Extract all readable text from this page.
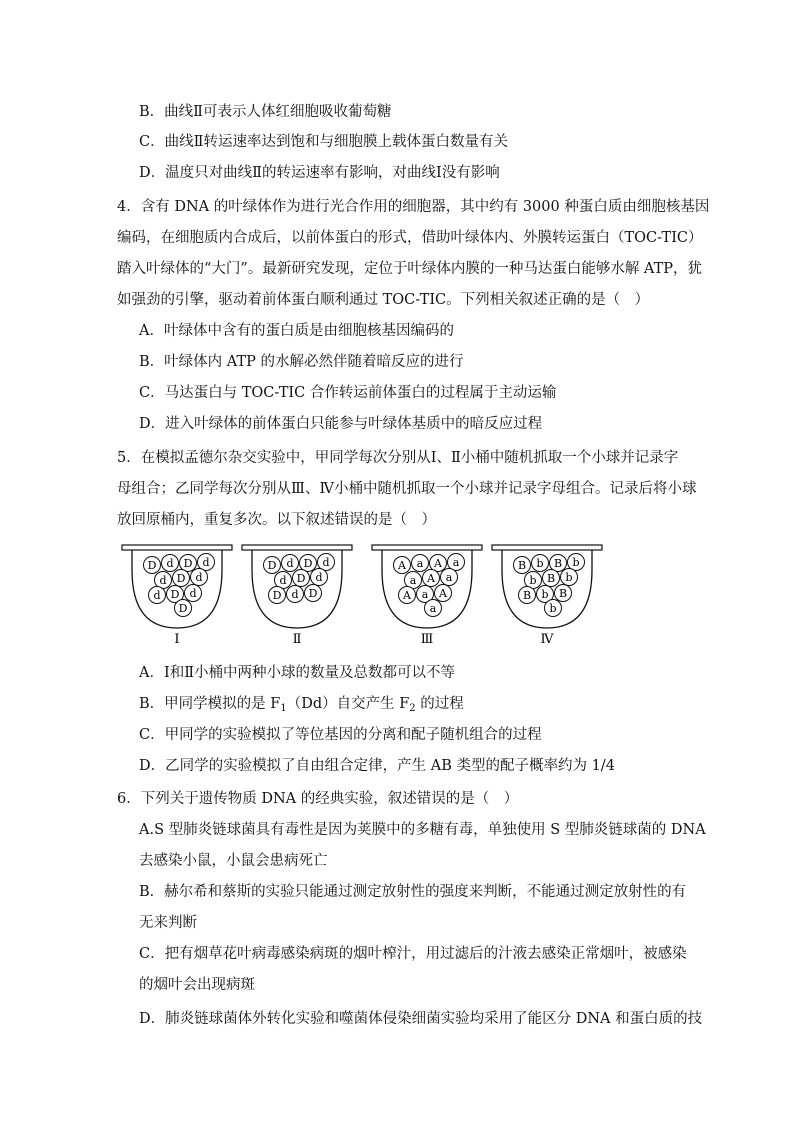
B．曲线Ⅱ可表示人体红细胞吸收葡萄糖
C．曲线Ⅱ转运速率达到饱和与细胞膜上载体蛋白数量有关
D．温度只对曲线Ⅱ的转运速率有影响，对曲线Ⅰ没有影响
4．含有 DNA 的叶绿体作为进行光合作用的细胞器，其中约有 3000 种蛋白质由细胞核基因
编码，在细胞质内合成后，以前体蛋白的形式，借助叶绿体内、外膜转运蛋白（TOC-TIC）
踏入叶绿体的“大门”。最新研究发现，定位于叶绿体内膜的一种马达蛋白能够水解 ATP，犹
如强劲的引擎，驱动着前体蛋白顺利通过 TOC-TIC。下列相关叙述正确的是（　）
A．叶绿体中含有的蛋白质是由细胞核基因编码的
B．叶绿体内 ATP 的水解必然伴随着暗反应的进行
C．马达蛋白与 TOC-TIC 合作转运前体蛋白的过程属于主动运输
D．进入叶绿体的前体蛋白只能参与叶绿体基质中的暗反应过程
5．在模拟孟德尔杂交实验中，甲同学每次分别从Ⅰ、Ⅱ小桶中随机抓取一个小球并记录字
母组合；乙同学每次分别从Ⅲ、Ⅳ小桶中随机抓取一个小球并记录字母组合。记录后将小球
放回原桶内，重复多次。以下叙述错误的是（　）
D d D d
d D d
d D d
D
Ⅰ
D d D d
d D d
D d D
Ⅱ
A a A a
a A a
A a A
a
Ⅲ
B b B b
b B b
B b B
b
Ⅳ
A．Ⅰ和Ⅱ小桶中两种小球的数量及总数都可以不等
B．甲同学模拟的是 $F_1(Dd)$自交产生 $F_2$ 的过程
C．甲同学的实验模拟了等位基因的分离和配子随机组合的过程
D．乙同学的实验模拟了自由组合定律，产生 AB 类型的配子概率约为 1/4
6．下列关于遗传物质 DNA 的经典实验，叙述错误的是（　）
A.S 型肺炎链球菌具有毒性是因为荚膜中的多糖有毒，单独使用 S 型肺炎链球菌的 DNA
去感染小鼠，小鼠会患病死亡
B．赫尔希和蔡斯的实验只能通过测定放射性的强度来判断，不能通过测定放射性的有
无来判断
C．把有烟草花叶病毒感染病斑的烟叶榨汁，用过滤后的汁液去感染正常烟叶，被感染
的烟叶会出现病斑
D．肺炎链球菌体外转化实验和噬菌体侵染细菌实验均采用了能区分 DNA 和蛋白质的技
